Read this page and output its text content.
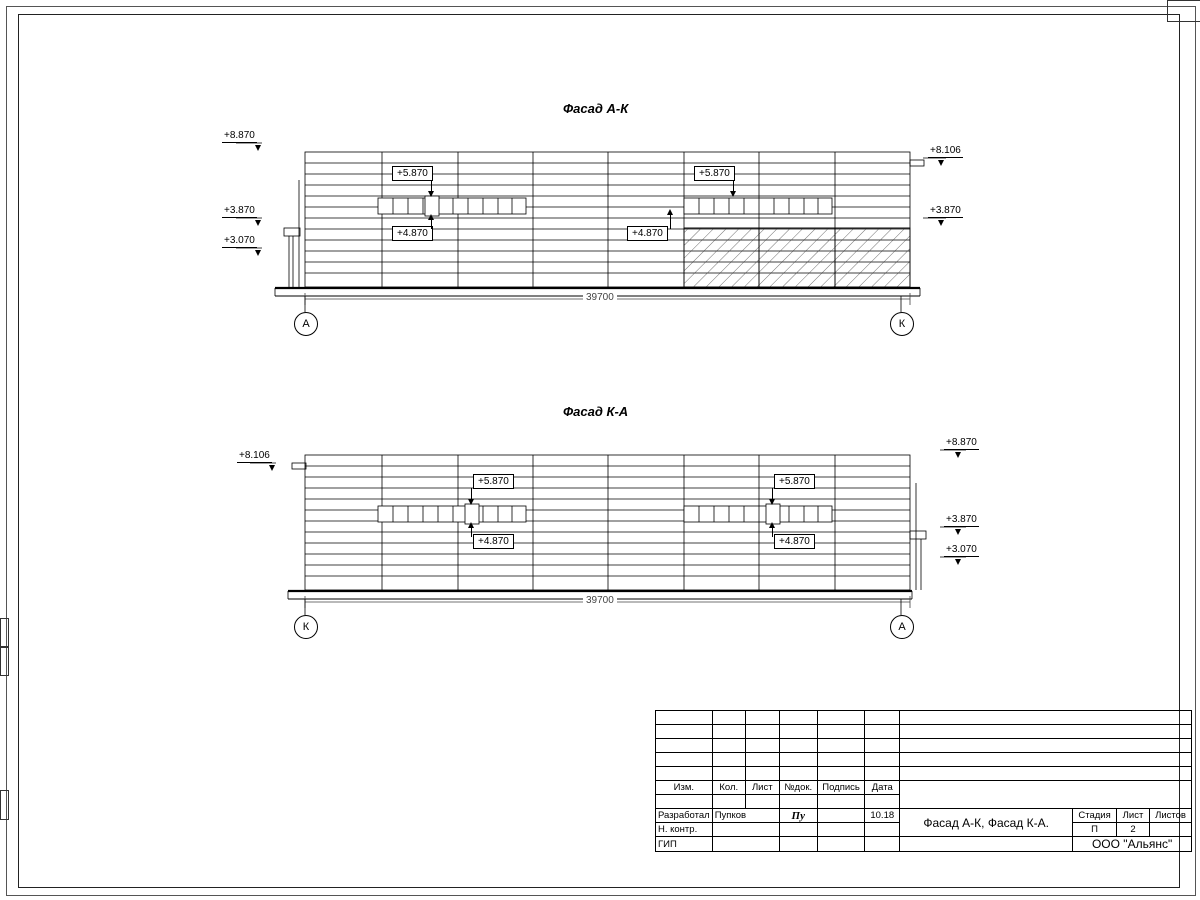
Фасад А-К
+8.870
+3.870
+3.070
+8.106
+3.870
+5.870
+4.870
+5.870
+4.870
39700
А	К
Фасад К-А
+8.106
+8.870
+3.870
+3.070
+5.870
+4.870
+5.870
+4.870
39700
К	А

Изм.	Кол.	Лист	№док.	Подпись	Дата				

Разработал	Пупков		Пу		10.18	Фасад А-К, Фасад К-А.	Стадия	Лист	Листов
Н. контр.							П	2	
							ООО "Альянс"		
ГИП									
